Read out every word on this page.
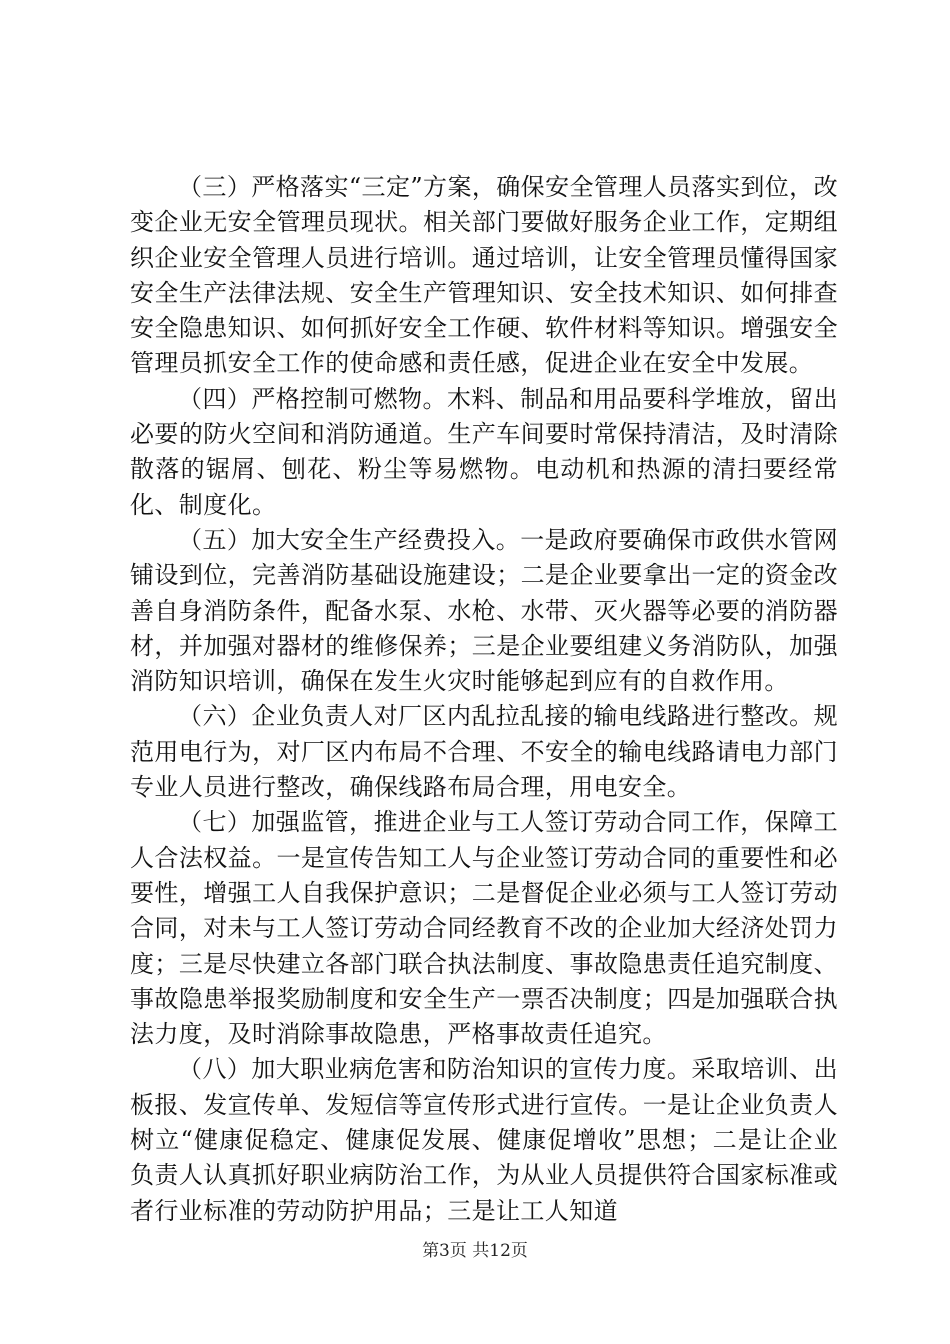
（三）严格落实“三定”方案，确保安全管理人员落实到位，改变企业无安全管理员现状。相关部门要做好服务企业工作，定期组织企业安全管理人员进行培训。通过培训，让安全管理员懂得国家安全生产法律法规、安全生产管理知识、安全技术知识、如何排查安全隐患知识、如何抓好安全工作硬、软件材料等知识。增强安全管理员抓安全工作的使命感和责任感，促进企业在安全中发展。

（四）严格控制可燃物。木料、制品和用品要科学堆放，留出必要的防火空间和消防通道。生产车间要时常保持清洁，及时清除散落的锯屑、刨花、粉尘等易燃物。电动机和热源的清扫要经常化、制度化。

（五）加大安全生产经费投入。一是政府要确保市政供水管网铺设到位，完善消防基础设施建设；二是企业要拿出一定的资金改善自身消防条件，配备水泵、水枪、水带、灭火器等必要的消防器材，并加强对器材的维修保养；三是企业要组建义务消防队，加强消防知识培训，确保在发生火灾时能够起到应有的自救作用。

（六）企业负责人对厂区内乱拉乱接的输电线路进行整改。规范用电行为，对厂区内布局不合理、不安全的输电线路请电力部门专业人员进行整改，确保线路布局合理，用电安全。

（七）加强监管，推进企业与工人签订劳动合同工作，保障工人合法权益。一是宣传告知工人与企业签订劳动合同的重要性和必要性，增强工人自我保护意识；二是督促企业必须与工人签订劳动合同，对未与工人签订劳动合同经教育不改的企业加大经济处罚力度；三是尽快建立各部门联合执法制度、事故隐患责任追究制度、事故隐患举报奖励制度和安全生产一票否决制度；四是加强联合执法力度，及时消除事故隐患，严格事故责任追究。

（八）加大职业病危害和防治知识的宣传力度。采取培训、出板报、发宣传单、发短信等宣传形式进行宣传。一是让企业负责人树立“健康促稳定、健康促发展、健康促增收”思想；二是让企业负责人认真抓好职业病防治工作，为从业人员提供符合国家标准或者行业标准的劳动防护用品；三是让工人知道

第3页 共12页
